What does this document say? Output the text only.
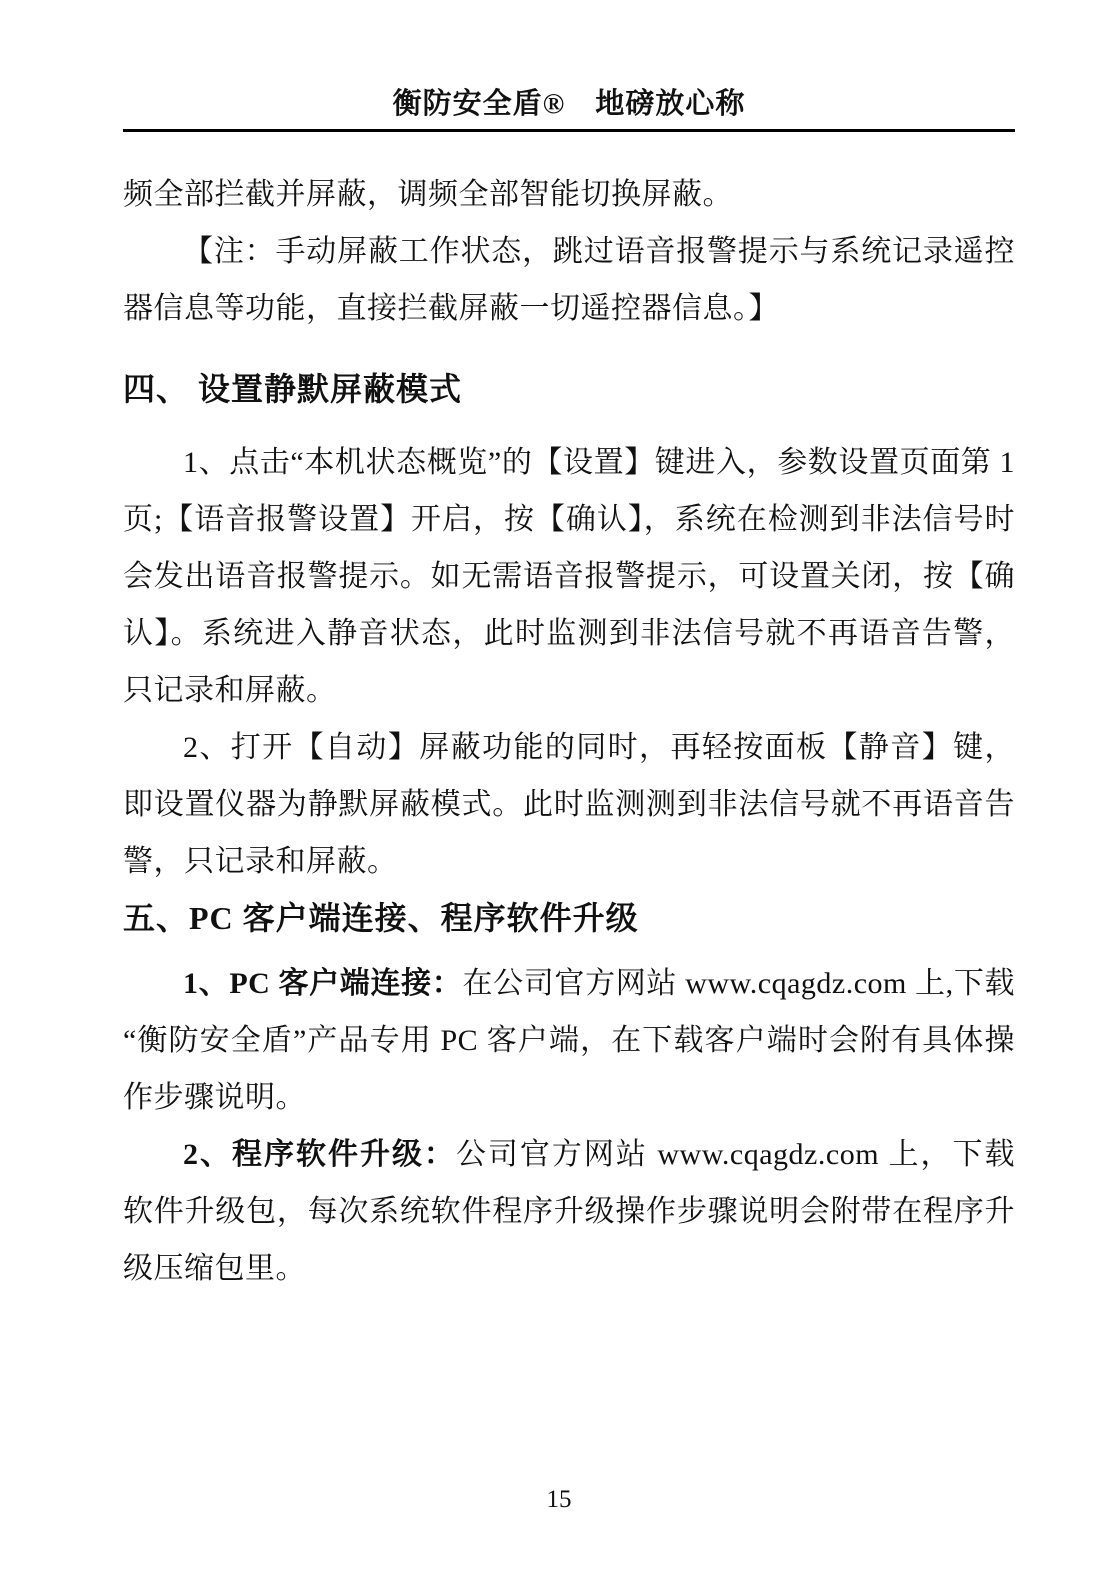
衡防安全盾®　地磅放心称

频全部拦截并屏蔽，调频全部智能切换屏蔽。

【注：手动屏蔽工作状态，跳过语音报警提示与系统记录遥控器信息等功能，直接拦截屏蔽一切遥控器信息。】

四、 设置静默屏蔽模式

1、点击“本机状态概览”的【设置】键进入，参数设置页面第 1 页;【语音报警设置】开启，按【确认】，系统在检测到非法信号时会发出语音报警提示。如无需语音报警提示，可设置关闭，按【确认】。系统进入静音状态，此时监测到非法信号就不再语音告警，只记录和屏蔽。

2、打开【自动】屏蔽功能的同时，再轻按面板【静音】键，即设置仪器为静默屏蔽模式。此时监测测到非法信号就不再语音告警，只记录和屏蔽。

五、PC 客户端连接、程序软件升级

1、PC 客户端连接：在公司官方网站 www.cqagdz.com 上,下载“衡防安全盾”产品专用 PC 客户端，在下载客户端时会附有具体操作步骤说明。

2、程序软件升级：公司官方网站 www.cqagdz.com 上，下载软件升级包，每次系统软件程序升级操作步骤说明会附带在程序升级压缩包里。

15
